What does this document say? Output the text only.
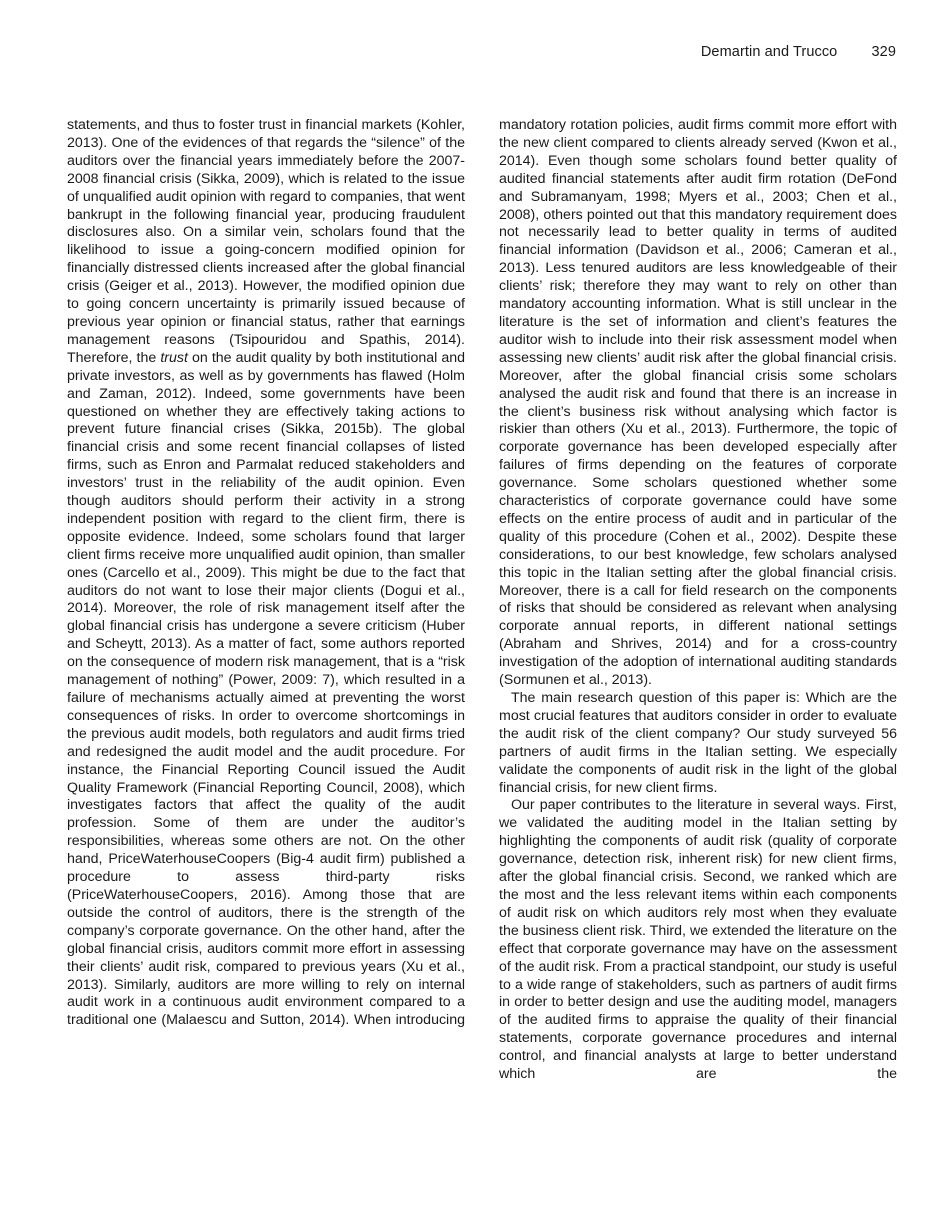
Demartin and Trucco 329

statements, and thus to foster trust in financial markets (Kohler, 2013). One of the evidences of that regards the “silence” of the auditors over the financial years immediately before the 2007-2008 financial crisis (Sikka, 2009), which is related to the issue of unqualified audit opinion with regard to companies, that went bankrupt in the following financial year, producing fraudulent disclosures also. On a similar vein, scholars found that the likelihood to issue a going-concern modified opinion for financially distressed clients increased after the global financial crisis (Geiger et al., 2013). However, the modified opinion due to going concern uncertainty is primarily issued because of previous year opinion or financial status, rather that earnings management reasons (Tsipouridou and Spathis, 2014). Therefore, the trust on the audit quality by both institutional and private investors, as well as by governments has flawed (Holm and Zaman, 2012). Indeed, some governments have been questioned on whether they are effectively taking actions to prevent future financial crises (Sikka, 2015b). The global financial crisis and some recent financial collapses of listed firms, such as Enron and Parmalat reduced stakeholders and investors’ trust in the reliability of the audit opinion. Even though auditors should perform their activity in a strong independent position with regard to the client firm, there is opposite evidence. Indeed, some scholars found that larger client firms receive more unqualified audit opinion, than smaller ones (Carcello et al., 2009). This might be due to the fact that auditors do not want to lose their major clients (Dogui et al., 2014). Moreover, the role of risk management itself after the global financial crisis has undergone a severe criticism (Huber and Scheytt, 2013). As a matter of fact, some authors reported on the consequence of modern risk management, that is a “risk management of nothing” (Power, 2009: 7), which resulted in a failure of mechanisms actually aimed at preventing the worst consequences of risks. In order to overcome shortcomings in the previous audit models, both regulators and audit firms tried and redesigned the audit model and the audit procedure. For instance, the Financial Reporting Council issued the Audit Quality Framework (Financial Reporting Council, 2008), which investigates factors that affect the quality of the audit profession. Some of them are under the auditor’s responsibilities, whereas some others are not. On the other hand, PriceWaterhouseCoopers (Big-4 audit firm) published a procedure to assess third-party risks (PriceWaterhouseCoopers, 2016). Among those that are outside the control of auditors, there is the strength of the company’s corporate governance. On the other hand, after the global financial crisis, auditors commit more effort in assessing their clients’ audit risk, compared to previous years (Xu et al., 2013). Similarly, auditors are more willing to rely on internal audit work in a continuous audit environment compared to a traditional one (Malaescu and Sutton, 2014). When introducing

mandatory rotation policies, audit firms commit more effort with the new client compared to clients already served (Kwon et al., 2014). Even though some scholars found better quality of audited financial statements after audit firm rotation (DeFond and Subramanyam, 1998; Myers et al., 2003; Chen et al., 2008), others pointed out that this mandatory requirement does not necessarily lead to better quality in terms of audited financial information (Davidson et al., 2006; Cameran et al., 2013). Less tenured auditors are less knowledgeable of their clients’ risk; therefore they may want to rely on other than mandatory accounting information. What is still unclear in the literature is the set of information and client’s features the auditor wish to include into their risk assessment model when assessing new clients’ audit risk after the global financial crisis. Moreover, after the global financial crisis some scholars analysed the audit risk and found that there is an increase in the client’s business risk without analysing which factor is riskier than others (Xu et al., 2013). Furthermore, the topic of corporate governance has been developed especially after failures of firms depending on the features of corporate governance. Some scholars questioned whether some characteristics of corporate governance could have some effects on the entire process of audit and in particular of the quality of this procedure (Cohen et al., 2002). Despite these considerations, to our best knowledge, few scholars analysed this topic in the Italian setting after the global financial crisis. Moreover, there is a call for field research on the components of risks that should be considered as relevant when analysing corporate annual reports, in different national settings (Abraham and Shrives, 2014) and for a cross-country investigation of the adoption of international auditing standards (Sormunen et al., 2013).

The main research question of this paper is: Which are the most crucial features that auditors consider in order to evaluate the audit risk of the client company? Our study surveyed 56 partners of audit firms in the Italian setting. We especially validate the components of audit risk in the light of the global financial crisis, for new client firms.

Our paper contributes to the literature in several ways. First, we validated the auditing model in the Italian setting by highlighting the components of audit risk (quality of corporate governance, detection risk, inherent risk) for new client firms, after the global financial crisis. Second, we ranked which are the most and the less relevant items within each components of audit risk on which auditors rely most when they evaluate the business client risk. Third, we extended the literature on the effect that corporate governance may have on the assessment of the audit risk. From a practical standpoint, our study is useful to a wide range of stakeholders, such as partners of audit firms in order to better design and use the auditing model, managers of the audited firms to appraise the quality of their financial statements, corporate governance procedures and internal control, and financial analysts at large to better understand which are the
